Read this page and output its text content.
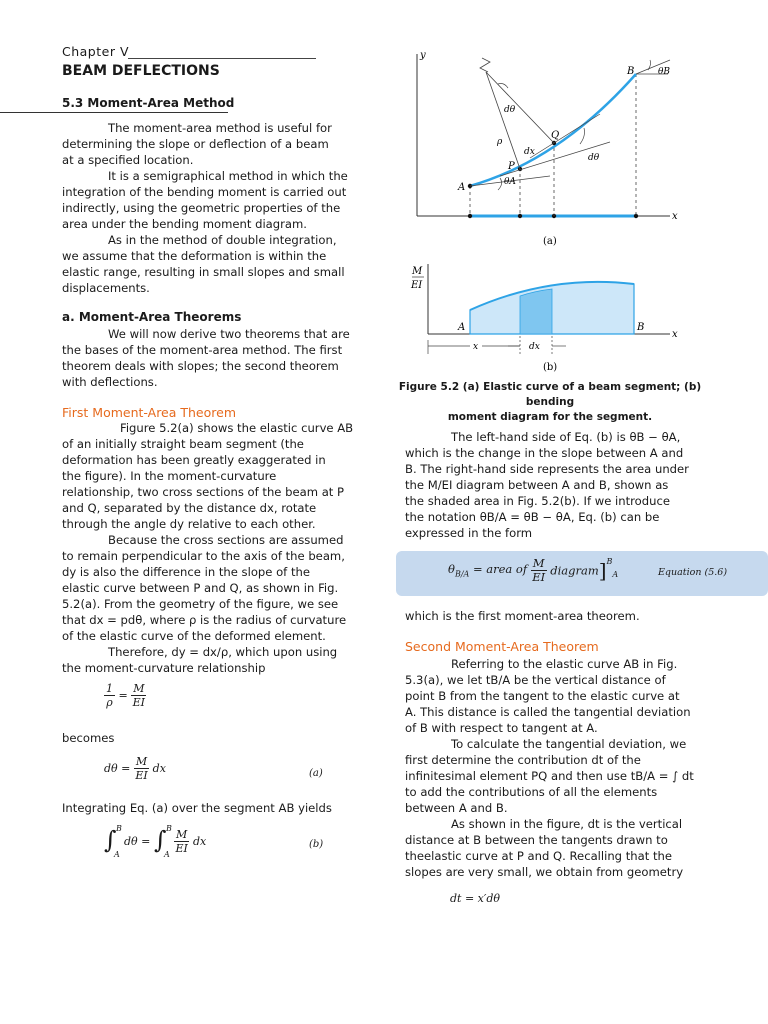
Chapter V
BEAM DEFLECTIONS
5.3 Moment-Area Method
The moment-area method is useful for
determining the slope or deflection of a beam
at a specified location.
It is a semigraphical method in which the
integration of the bending moment is carried out
indirectly, using the geometric properties of the
area under the bending moment diagram.
As in the method of double integration,
we assume that the deformation is within the
elastic range, resulting in small slopes and small
displacements.
a. Moment-Area Theorems
We will now derive two theorems that are
the bases of the moment-area method. The first
theorem deals with slopes; the second theorem
with deflections.
First Moment-Area Theorem
Figure 5.2(a) shows the elastic curve AB
of an initially straight beam segment (the
deformation has been greatly exaggerated in
the figure). In the moment-curvature
relationship, two cross sections of the beam at P
and Q, separated by the distance dx, rotate
through the angle dy relative to each other.
Because the cross sections are assumed
to remain perpendicular to the axis of the beam,
dy is also the difference in the slope of the
elastic curve between P and Q, as shown in Fig.
5.2(a). From the geometry of the figure, we see
that dx = pdθ, where ρ is the radius of curvature
of the elastic curve of the deformed element.
Therefore, dy = dx/ρ, which upon using
the moment-curvature relationship
$\frac{1}{\rho} = \frac{M}{EI}$
becomes
$d\theta = \frac{M}{EI}$ dx	(a)
Integrating Eq. (a) over the segment AB yields
∫ B
A
dθ = ∫ B
A $\frac{M}{EI}$ dx	(b)
y
x
A
P
Q
B	θB
θA
dθ
dθ
ρ
dx
(a)
M
EI
x
A	B
x	dx
(b)
Figure 5.2 (a) Elastic curve of a beam segment; (b) bending
moment diagram for the segment.
The left-hand side of Eq. (b) is θB − θA,
which is the change in the slope between A and
B. The right-hand side represents the area under
the M/EI diagram between A and B, shown as
the shaded area in Fig. 5.2(b). If we introduce
the notation θB/A = θB − θA, Eq. (b) can be
expressed in the form
$\theta_{B/A}$ = area of $\frac{M}{EI}$ diagram]$^B_A$	Equation (5.6)
which is the first moment-area theorem.
Second Moment-Area Theorem
Referring to the elastic curve AB in Fig.
5.3(a), we let tB/A be the vertical distance of
point B from the tangent to the elastic curve at
A. This distance is called the tangential deviation
of B with respect to tangent at A.
To calculate the tangential deviation, we
first determine the contribution dt of the
infinitesimal element PQ and then use tB/A = ∫ dt
to add the contributions of all the elements
between A and B.
As shown in the figure, dt is the vertical
distance at B between the tangents drawn to
theelastic curve at P and Q. Recalling that the
slopes are very small, we obtain from geometry
dt = x′dθ
